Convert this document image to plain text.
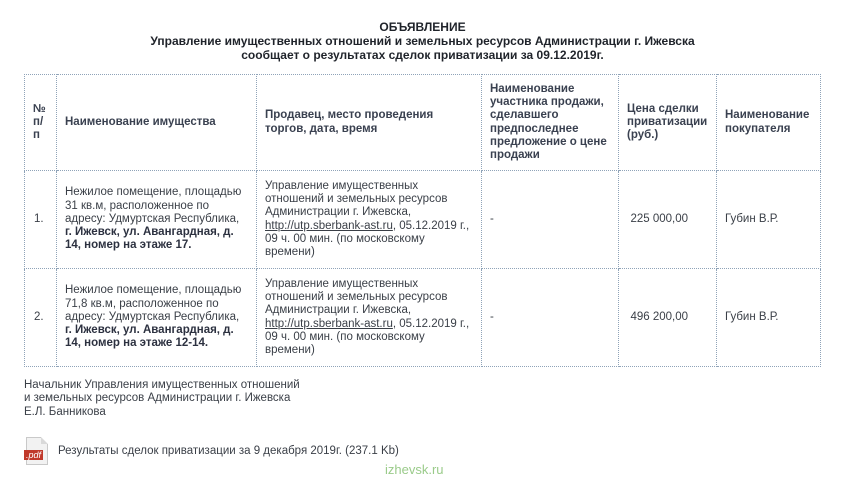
ОБЪЯВЛЕНИЕ
Управление имущественных отношений и земельных ресурсов Администрации г. Ижевска
сообщает о результатах сделок приватизации за 09.12.2019г.
№ п/п	Наименование имущества	Продавец, место проведения торгов, дата, время	Наименование участника продажи, сделавшего предпоследнее предложение о цене продажи	Цена сделки приватизации (руб.)	Наименование покупателя
1.	Нежилое помещение, площадью 31 кв.м, расположенное по адресу: Удмуртская Республика, г. Ижевск, ул. Авангардная, д. 14, номер на этаже 17.	Управление имущественных отношений и земельных ресурсов Администрации г. Ижевска, http://utp.sberbank-ast.ru, 05.12.2019 г., 09 ч. 00 мин. (по московскому времени)	-	225 000,00	Губин В.Р.
2.	Нежилое помещение, площадью 71,8 кв.м, расположенное по адресу: Удмуртская Республика, г. Ижевск, ул. Авангардная, д. 14, номер на этаже 12-14.	Управление имущественных отношений и земельных ресурсов Администрации г. Ижевска, http://utp.sberbank-ast.ru, 05.12.2019 г., 09 ч. 00 мин. (по московскому времени)	-	496 200,00	Губин В.Р.
Начальник Управления имущественных отношений
и земельных ресурсов Администрации г. Ижевска
Е.Л. Банникова
.pdf Результаты сделок приватизации за 9 декабря 2019г. (237.1 Kb)
izhevsk.ru
